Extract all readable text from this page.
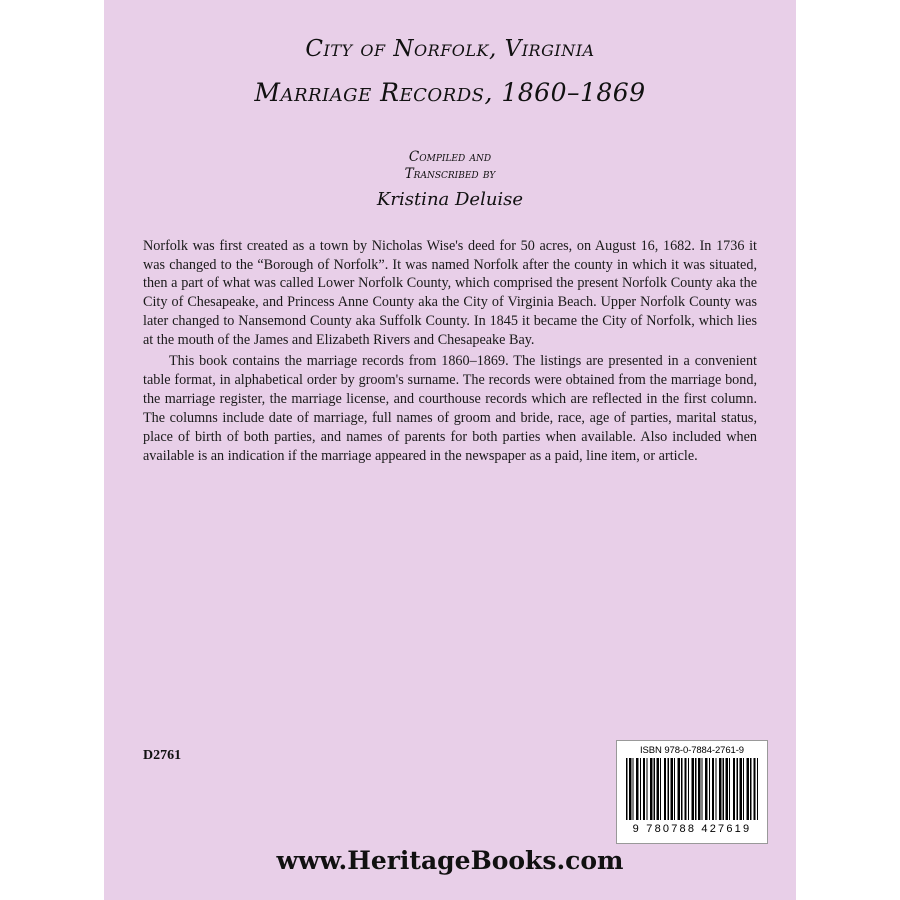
City of Norfolk, Virginia
Marriage Records, 1860–1869
Compiled and
Transcribed by
Kristina Deluise

Norfolk was first created as a town by Nicholas Wise's deed for 50 acres, on August 16, 1682. In 1736 it was changed to the “Borough of Norfolk”. It was named Norfolk after the county in which it was situated, then a part of what was called Lower Norfolk County, which comprised the present Norfolk County aka the City of Chesapeake, and Princess Anne County aka the City of Virginia Beach. Upper Norfolk County was later changed to Nansemond County aka Suffolk County. In 1845 it became the City of Norfolk, which lies at the mouth of the James and Elizabeth Rivers and Chesapeake Bay.

This book contains the marriage records from 1860–1869. The listings are presented in a convenient table format, in alphabetical order by groom's surname. The records were obtained from the marriage bond, the marriage register, the marriage license, and courthouse records which are reflected in the first column. The columns include date of marriage, full names of groom and bride, race, age of parties, marital status, place of birth of both parties, and names of parents for both parties when available. Also included when available is an indication if the marriage appeared in the newspaper as a paid, line item, or article.

D2761	ISBN 978-0-7884-2761-9
9 780788 427619
www.HeritageBooks.com
